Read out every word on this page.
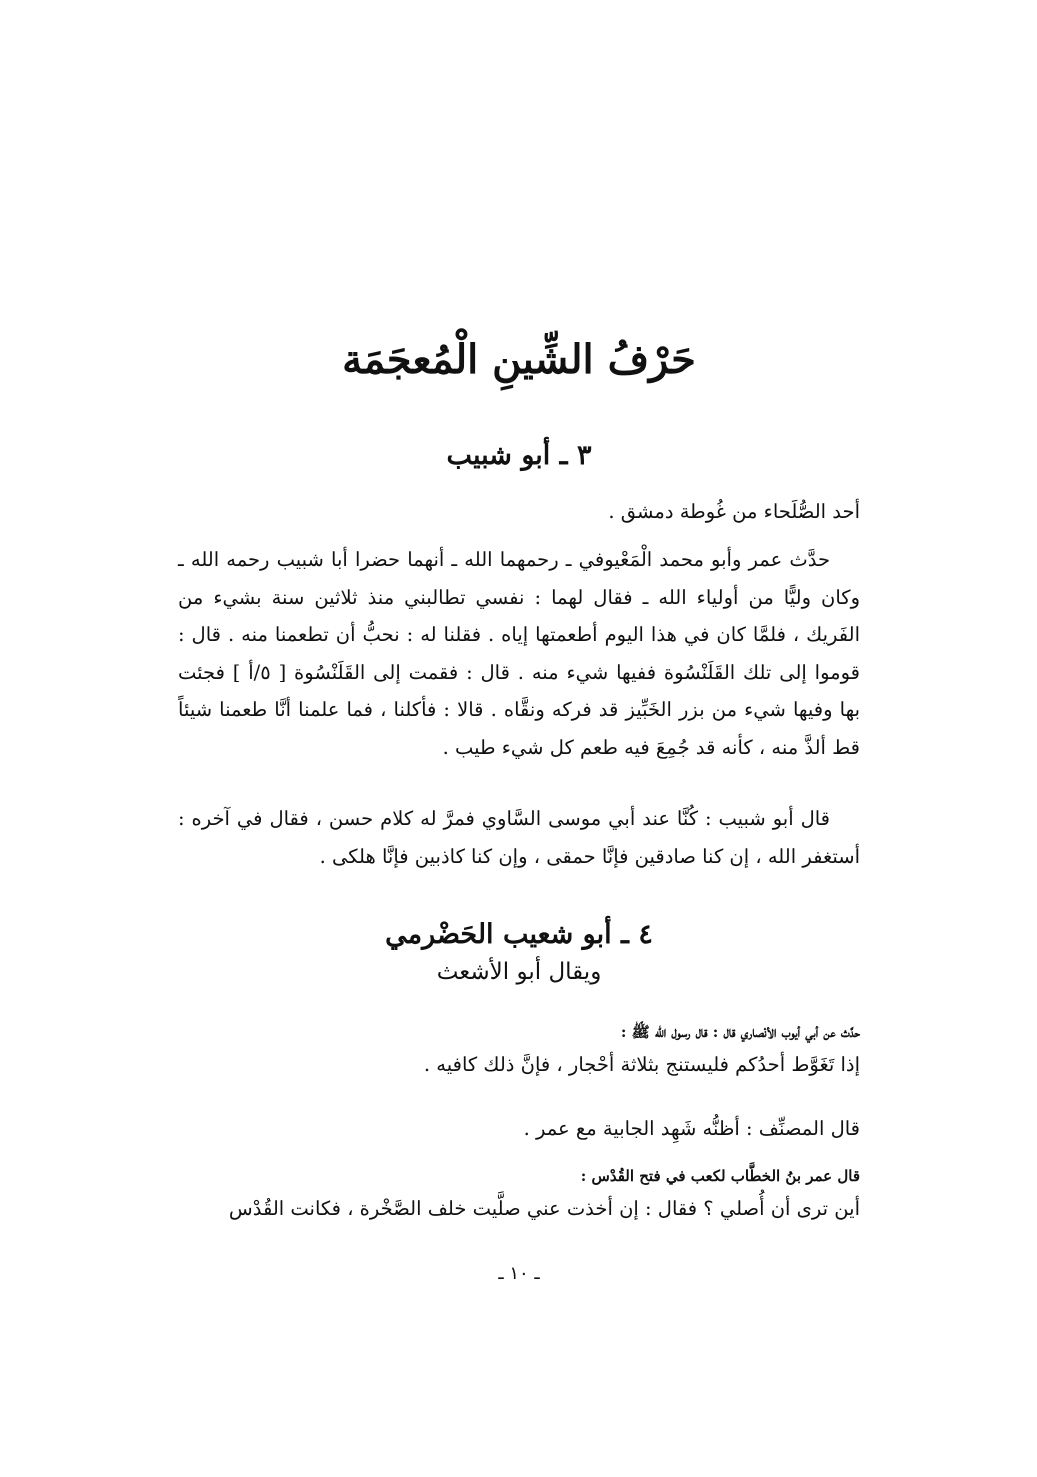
حَرْفُ الشِّينِ الْمُعجَمَة
٣ ـ أبو شبيب

أحد الصُّلَحاء من غُوطة دمشق .

حدَّث عمر وأبو محمد الْمَعْيوفي ـ رحمهما الله ـ أنهما حضرا أبا شبيب رحمه الله ـ وكان وليًّا من أولياء الله ـ فقال لهما : نفسي تطالبني منذ ثلاثين سنة بشيء من الفَريك ، فلمَّا كان في هذا اليوم أطعمتها إياه . فقلنا له : نحبُّ أن تطعمنا منه . قال : قوموا إلى تلك القَلَنْسُوة ففيها شيء منه . قال : فقمت إلى القَلَنْسُوة [ ٥/أ ] فجئت بها وفيها شيء من بزر الخَبِّيز قد فركه ونقَّاه . قالا : فأكلنا ، فما علمنا أنَّا طعمنا شيئاً قط ألذَّ منه ، كأنه قد جُمِعَ فيه طعم كل شيء طيب .

قال أبو شبيب : كُنَّا عند أبي موسى السَّاوي فمرَّ له كلام حسن ، فقال في آخره : أستغفر الله ، إن كنا صادقين فإنَّا حمقى ، وإن كنا كاذبين فإنَّا هلكى .

٤ ـ أبو شعيب الحَضْرمي

ويقال أبو الأشعث

حدَّث عن أبي أيوب الأنْصاري قال : قال رسول الله ﷺ :

إذا تَغَوَّط أحدُكم فليستنج بثلاثة أحْجار ، فإنَّ ذلك كافيه .

قال المصنِّف : أظنُّه شَهِد الجابية مع عمر .

قال عمر بنُ الخطَّاب لكعب في فتح القُدْس :

أين ترى أن أُصلي ؟ فقال : إن أخذت عني صلَّيت خلف الصَّخْرة ، فكانت القُدْس

ـ ١٠ ـ
